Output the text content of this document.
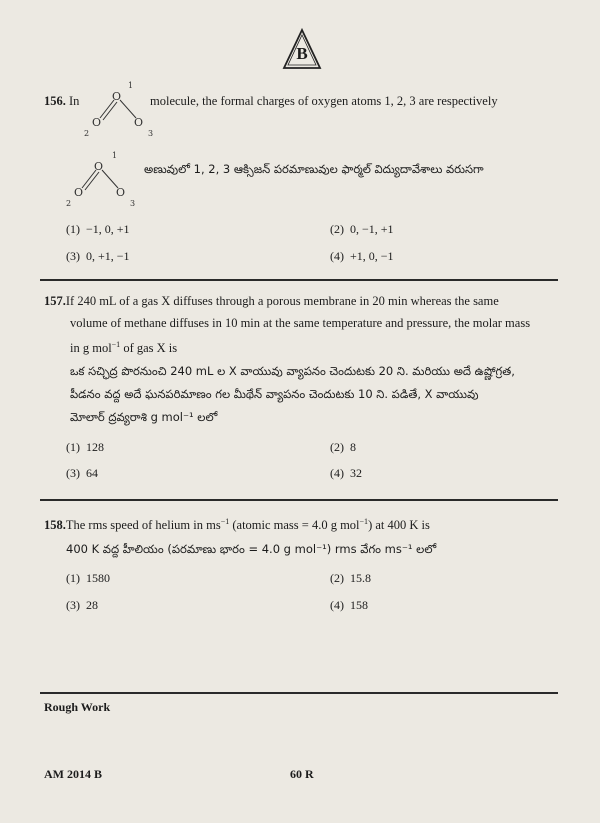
B
156. In	O
O	O
1
2	3
molecule, the formal charges of oxygen atoms 1, 2, 3 are respectively
O
O	O
1
2	3
అణువులో 1, 2, 3 ఆక్సిజన్ పరమాణువుల ఫార్మల్ విద్యుదావేశాలు వరుసగా
(1) −1, 0, +1	(2) 0, −1, +1
(3) 0, +1, −1	(4) +1, 0, −1
157.If 240 mL of a gas X diffuses through a porous membrane in 20 min whereas the same
volume of methane diffuses in 10 min at the same temperature and pressure, the molar mass
in g mol$^{-1}$ of gas X is
ఒక సచ్ఛిద్ర పొరనుంచి 240 mL ల X వాయువు వ్యాపనం చెందుటకు 20 ని. మరియు అదే ఉష్ణోగ్రత,
పీడనం వద్ద అదే ఘనపరిమాణం గల మీథేన్ వ్యాపనం చెందుటకు 10 ని. పడితే, X వాయువు
మోలార్ ద్రవ్యరాశి g mol⁻¹ లలో
(1) 128	(2) 8
(3) 64	(4) 32
158.The rms speed of helium in $ms^{-1}$ (atomic mass = 4.0 g mol$^{-1}$) at 400 K is
400 K వద్ద హీలియం (పరమాణు భారం = 4.0 g mol⁻¹) rms వేగం ms⁻¹ లలో
(1) 1580	(2) 15.8
(3) 28	(4) 158
Rough Work
AM 2014 B	60 R
